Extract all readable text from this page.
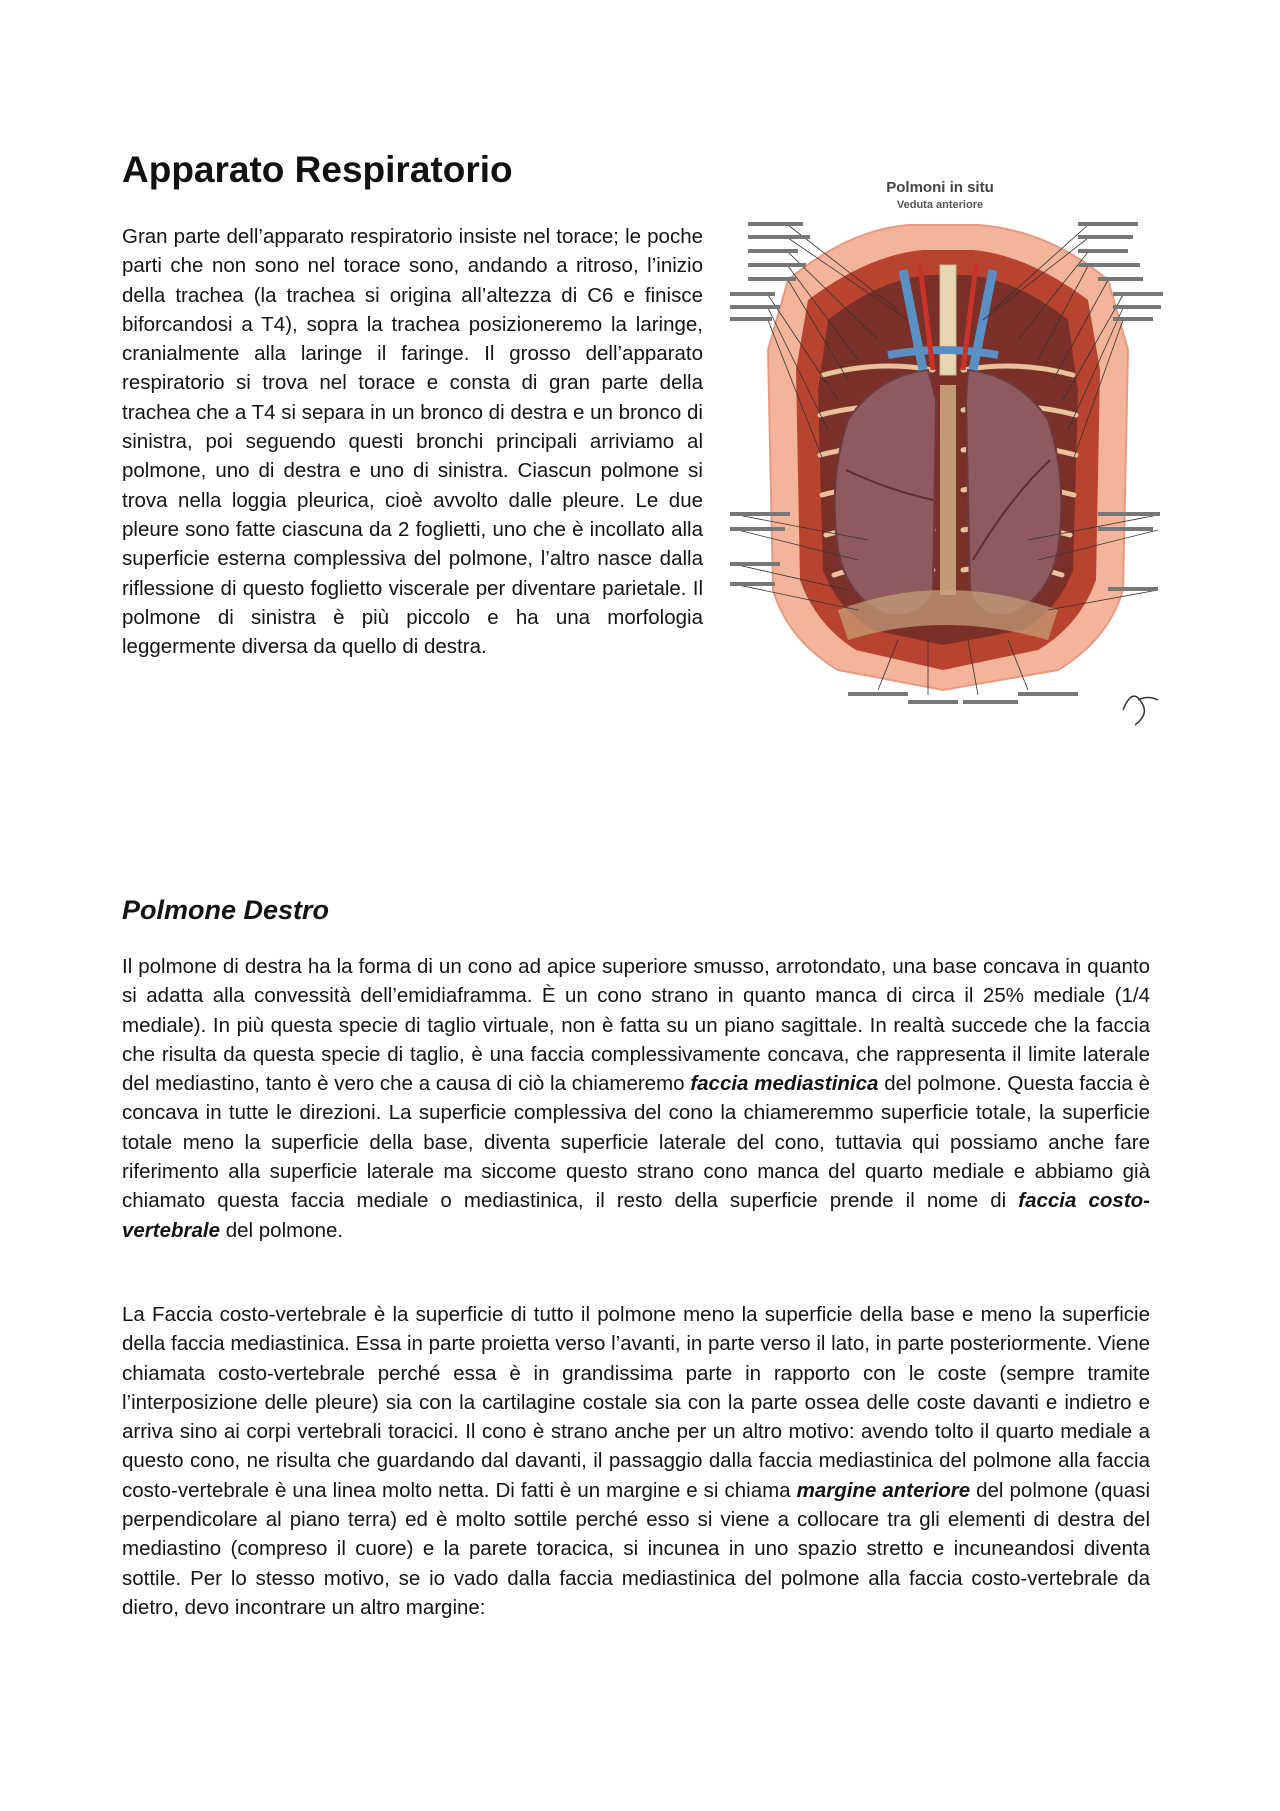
Apparato Respiratorio

Gran parte dell’apparato respiratorio insiste nel torace; le poche parti che non sono nel torace sono, andando a ritroso, l’inizio della trachea (la trachea si origina all’altezza di C6 e finisce biforcandosi a T4), sopra la trachea posizioneremo la laringe, cranialmente alla laringe il faringe. Il grosso dell’apparato respiratorio si trova nel torace e consta di gran parte della trachea che a T4 si separa in un bronco di destra e un bronco di sinistra, poi seguendo questi bronchi principali arriviamo al polmone, uno di destra e uno di sinistra. Ciascun polmone si trova nella loggia pleurica, cioè avvolto dalle pleure. Le due pleure sono fatte ciascuna da 2 foglietti, uno che è incollato alla superficie esterna complessiva del polmone, l’altro nasce dalla riflessione di questo foglietto viscerale per diventare parietale. Il polmone di sinistra è più piccolo e ha una morfologia leggermente diversa da quello di destra.

Polmoni in situ
Veduta anteriore
Polmone Destro

Il polmone di destra ha la forma di un cono ad apice superiore smusso, arrotondato, una base concava in quanto si adatta alla convessità dell’emidiaframma. È un cono strano in quanto manca di circa il 25% mediale (1/4 mediale). In più questa specie di taglio virtuale, non è fatta su un piano sagittale. In realtà succede che la faccia che risulta da questa specie di taglio, è una faccia complessivamente concava, che rappresenta il limite laterale del mediastino, tanto è vero che a causa di ciò la chiameremo faccia mediastinica del polmone. Questa faccia è concava in tutte le direzioni. La superficie complessiva del cono la chiameremmo superficie totale, la superficie totale meno la superficie della base, diventa superficie laterale del cono, tuttavia qui possiamo anche fare riferimento alla superficie laterale ma siccome questo strano cono manca del quarto mediale e abbiamo già chiamato questa faccia mediale o mediastinica, il resto della superficie prende il nome di faccia costo-vertebrale del polmone.

La Faccia costo-vertebrale è la superficie di tutto il polmone meno la superficie della base e meno la superficie della faccia mediastinica. Essa in parte proietta verso l’avanti, in parte verso il lato, in parte posteriormente. Viene chiamata costo-vertebrale perché essa è in grandissima parte in rapporto con le coste (sempre tramite l’interposizione delle pleure) sia con la cartilagine costale sia con la parte ossea delle coste davanti e indietro e arriva sino ai corpi vertebrali toracici. Il cono è strano anche per un altro motivo: avendo tolto il quarto mediale a questo cono, ne risulta che guardando dal davanti, il passaggio dalla faccia mediastinica del polmone alla faccia costo-vertebrale è una linea molto netta. Di fatti è un margine e si chiama margine anteriore del polmone (quasi perpendicolare al piano terra) ed è molto sottile perché esso si viene a collocare tra gli elementi di destra del mediastino (compreso il cuore) e la parete toracica, si incunea in uno spazio stretto e incuneandosi diventa sottile. Per lo stesso motivo, se io vado dalla faccia mediastinica del polmone alla faccia costo-vertebrale da dietro, devo incontrare un altro margine:
